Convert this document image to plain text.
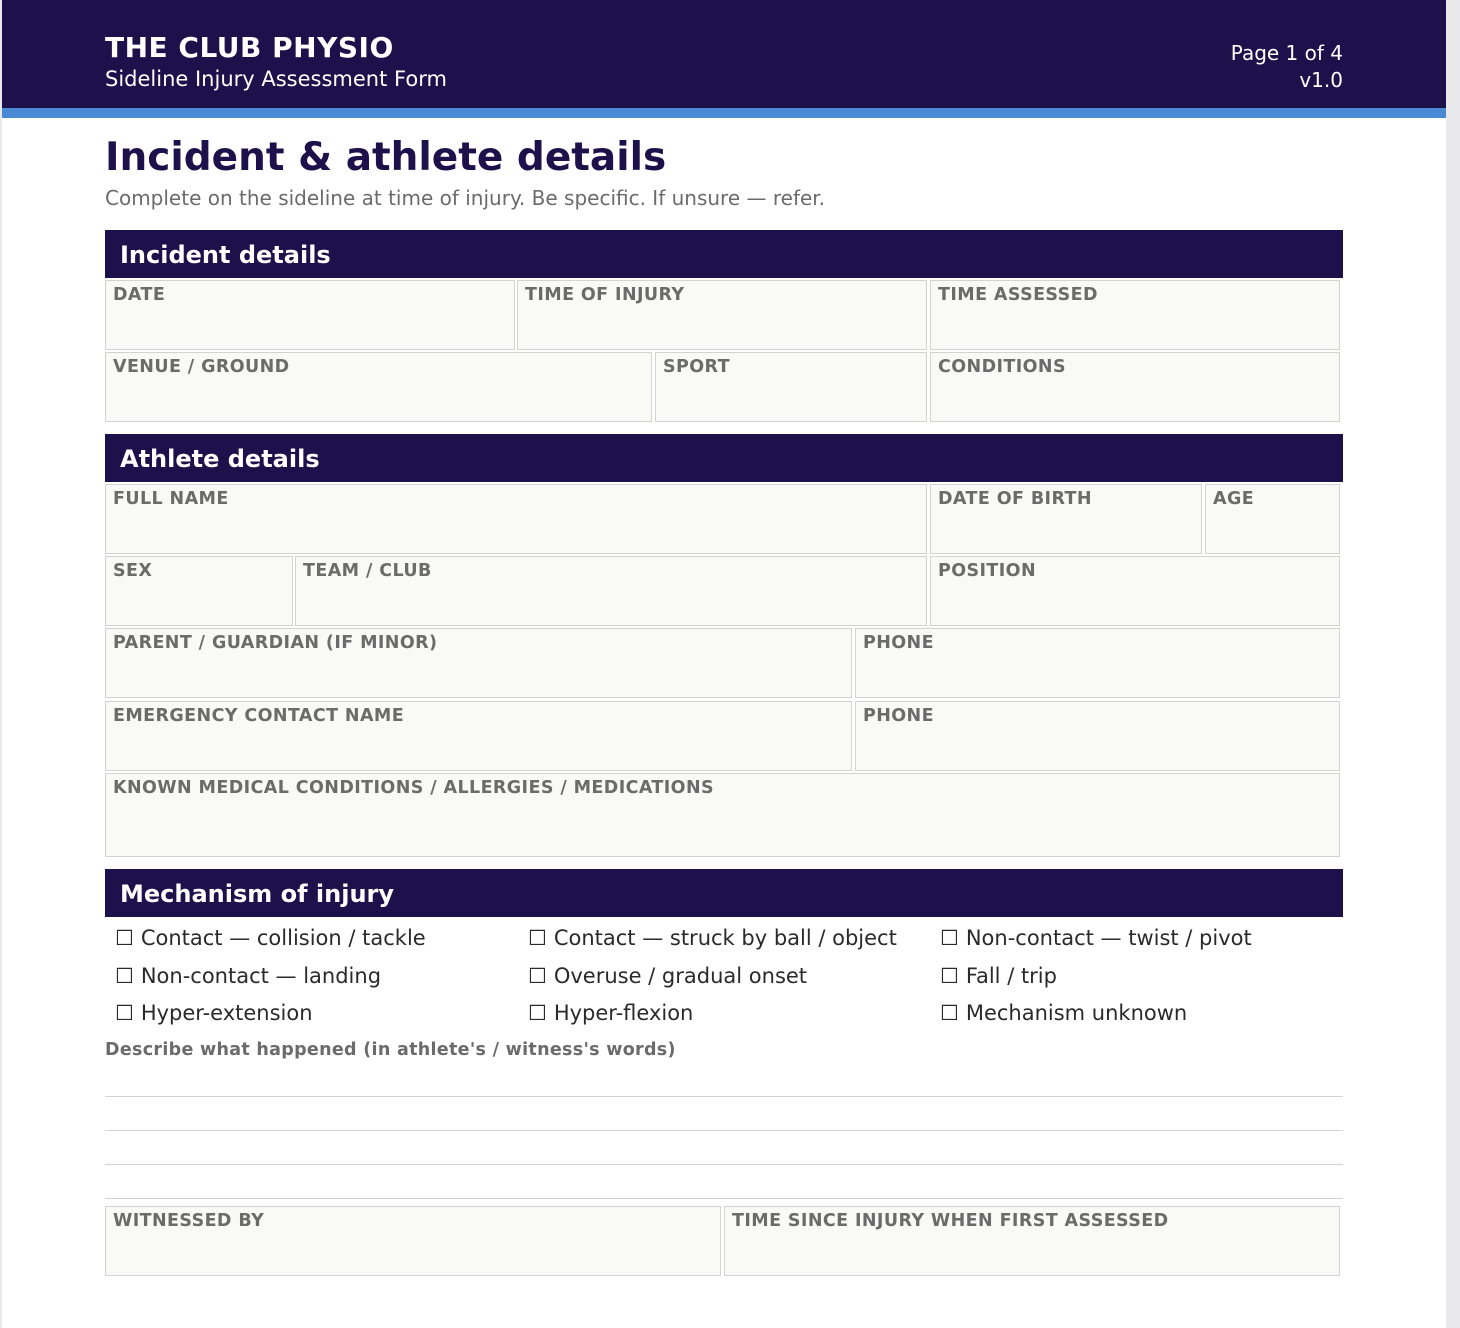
THE CLUB PHYSIO
Sideline Injury Assessment Form
Page 1 of 4
v1.0
Incident & athlete details
Complete on the sideline at time of injury. Be specific. If unsure — refer.
Incident details
DATE	TIME OF INJURY	TIME ASSESSED
VENUE / GROUND	SPORT	CONDITIONS
Athlete details
FULL NAME	DATE OF BIRTH	AGE
SEX	TEAM / CLUB	POSITION
PARENT / GUARDIAN (IF MINOR)	PHONE
EMERGENCY CONTACT NAME	PHONE
KNOWN MEDICAL CONDITIONS / ALLERGIES / MEDICATIONS
Mechanism of injury
☐ Contact — collision / tackle	☐ Contact — struck by ball / object ☐ Non-contact — twist / pivot
☐ Non-contact — landing	☐ Overuse / gradual onset	☐ Fall / trip
☐ Hyper-extension	☐ Hyper-flexion	☐ Mechanism unknown
Describe what happened (in athlete's / witness's words)
WITNESSED BY	TIME SINCE INJURY WHEN FIRST ASSESSED
